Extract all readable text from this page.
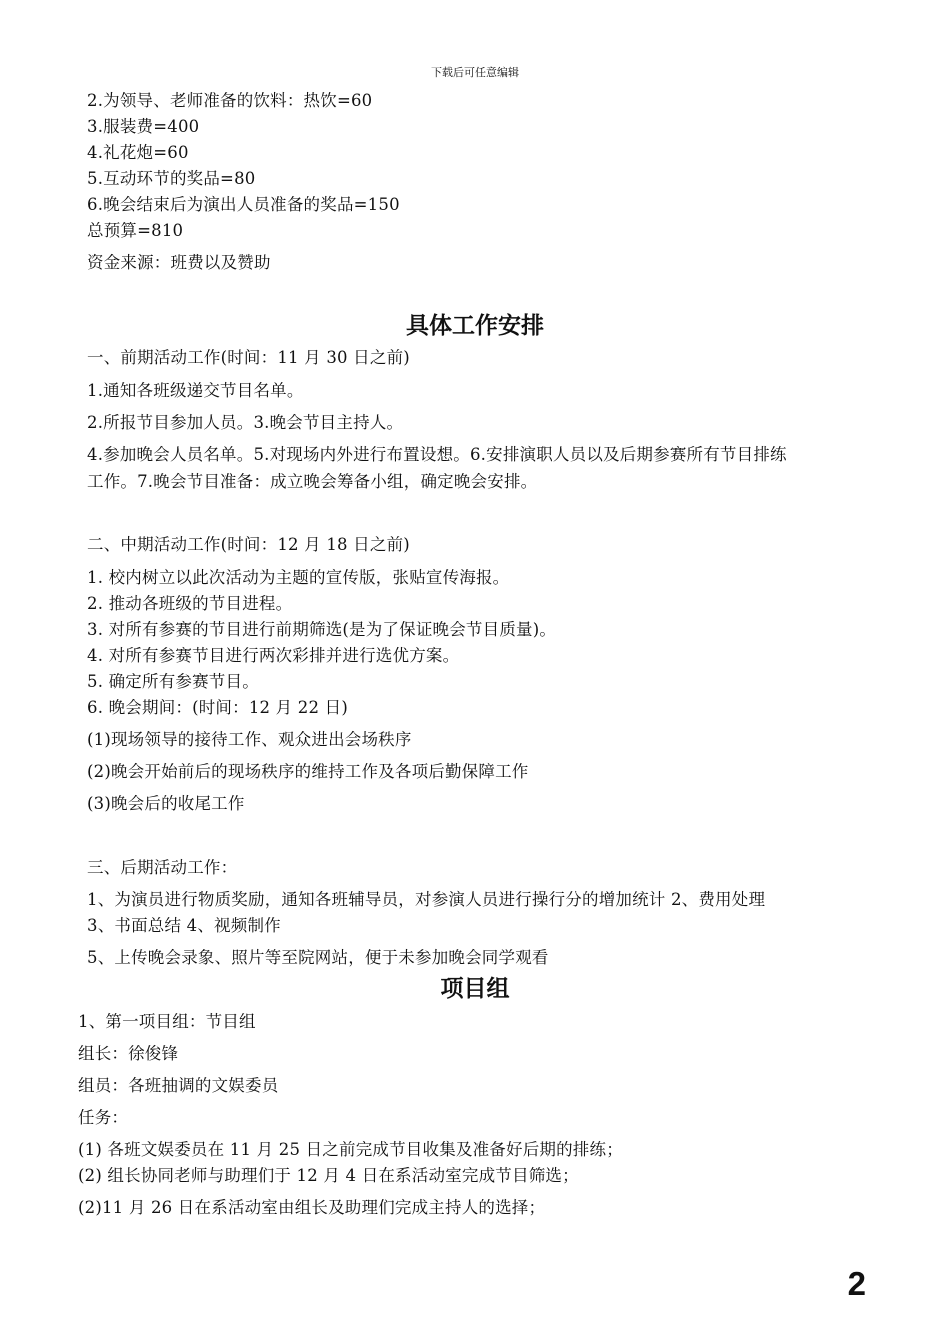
下载后可任意编辑
2.为领导、老师准备的饮料：热饮=60
3.服装费=400
4.礼花炮=60
5.互动环节的奖品=80
6.晚会结束后为演出人员准备的奖品=150
总预算=810
资金来源：班费以及赞助
具体工作安排
一、前期活动工作(时间：11 月 30 日之前)
1.通知各班级递交节目名单。
2.所报节目参加人员。3.晚会节目主持人。
4.参加晚会人员名单。5.对现场内外进行布置设想。6.安排演职人员以及后期参赛所有节目排练
工作。7.晚会节目准备：成立晚会筹备小组，确定晚会安排。
二、中期活动工作(时间：12 月 18 日之前)
1. 校内树立以此次活动为主题的宣传版，张贴宣传海报。
2. 推动各班级的节目进程。
3. 对所有参赛的节目进行前期筛选(是为了保证晚会节目质量)。
4. 对所有参赛节目进行两次彩排并进行选优方案。
5. 确定所有参赛节目。
6. 晚会期间：(时间：12 月 22 日)
(1)现场领导的接待工作、观众进出会场秩序
(2)晚会开始前后的现场秩序的维持工作及各项后勤保障工作
(3)晚会后的收尾工作
三、后期活动工作：
1、为演员进行物质奖励，通知各班辅导员，对参演人员进行操行分的增加统计 2、费用处理
3、书面总结 4、视频制作
5、上传晚会录象、照片等至院网站，便于未参加晚会同学观看
项目组
1、第一项目组：节目组
组长：徐俊锋
组员：各班抽调的文娱委员
任务：
(1) 各班文娱委员在 11 月 25 日之前完成节目收集及准备好后期的排练；
(2) 组长协同老师与助理们于 12 月 4 日在系活动室完成节目筛选；
(2)11 月 26 日在系活动室由组长及助理们完成主持人的选择；
2
